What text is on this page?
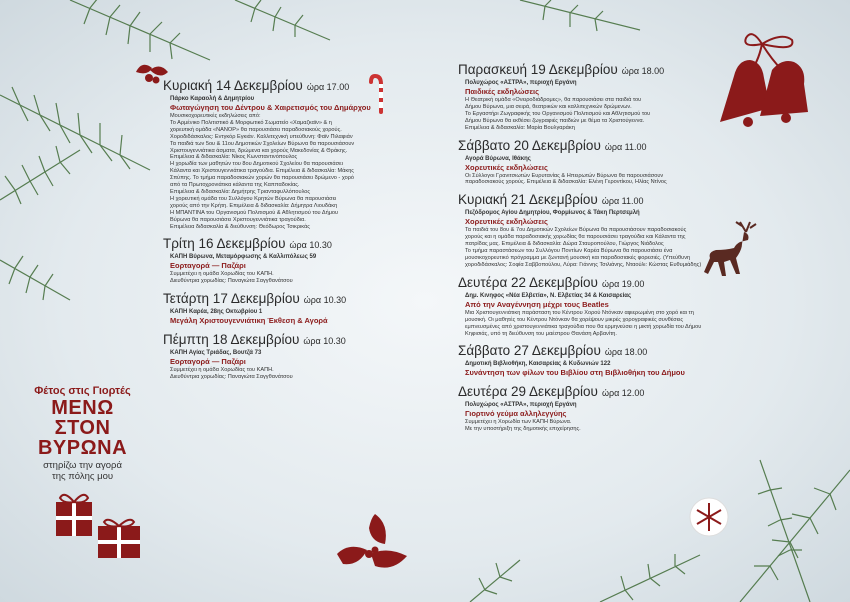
Φέτος στις Γιορτές
ΜΕΝΩ
ΣΤΟΝ ΒΥΡΩΝΑ
στηρίζω την αγορά
της πόλης μου
Κυριακή 14 Δεκεμβρίου ώρα 17.00
Πάρκο Καραολή & Δημητρίου
Φωταγώγηση του Δέντρου & Χαιρετισμός του Δημάρχου
Μουσικοχορευτικές εκδηλώσεις από:
Το Αρμένικο Πολιτιστικό & Μορφωτικό Σωματείο «Χαμαζκαϊν» & η
χορευτική ομάδα «ΝΑΝΟΡ» θα παρουσιάσει παραδοσιακούς χορούς.
Χοροδιδάσκαλος: Εντγκόρ Εγκιάν. Καλλιτεχνική υπεύθυνη: Φαϊν Πιλαφιάν
Τα παιδιά των 5ου & 11ου Δημοτικών Σχολείων Βύρωνα θα παρουσιάσουν
Χριστουγεννιάτικα άσματα, δρώμενα και χορούς Μακεδονίας & Θράκης.
Επιμέλεια & διδασκαλία: Νίκος Κωνσταντινόπουλος
Η χορωδία των μαθητών του 8ου Δημοτικού Σχολείου θα παρουσιάσει
Κάλαντα και Χριστουγεννιάτικα τραγούδια. Επιμέλεια & διδασκαλία: Μάκης
Σπύπης. Το τμήμα παραδοσιακών χορών θα παρουσιάσει δρώμενο - χορό
από τα Πρωτοχρονιάτικα κάλαντα της Καππαδοκίας.
Επιμέλεια & διδασκαλία: Δημήτρης Τριανταφυλλόπουλος
Η χορευτική ομάδα του Συλλόγου Κρητών Βύρωνα θα παρουσιάσει
χορούς από την Κρήτη. Επιμέλεια & διδασκαλία: Δήμητρα Λιουδάκη
Η ΜΠΑΝΤΙΝΑ του Οργανισμού Πολιτισμού & Αθλητισμού του Δήμου
Βύρωνα θα παρουσιάσει Χριστουγεννιάτικα τραγούδια.
Επιμέλεια διδασκαλία & διεύθυνση: Θεόδωρος Τσικρικάς
Τρίτη 16 Δεκεμβρίου ώρα 10.30
ΚΑΠΗ Βύρωνα, Μεταμόρφωσης & Καλλιπόλεως 59
Εορταγορά — Παζάρι
Συμμετέχει η ομάδα Χορωδίας του ΚΑΠΗ.
Διευθύντρια χορωδίας: Παναγιώτα Σαγγθανάτσου
Τετάρτη 17 Δεκεμβρίου ώρα 10.30
ΚΑΠΗ Καρέα, 28ης Οκτωβρίου 1
Μεγάλη Χριστουγεννιάτικη Έκθεση & Αγορά
Πέμπτη 18 Δεκεμβρίου ώρα 10.30
ΚΑΠΗ Αγίας Τριάδας, Βουτζά 73
Εορταγορά — Παζάρι
Συμμετέχει η ομάδα Χορωδίας του ΚΑΠΗ.
Διευθύντρια χορωδίας: Παναγιώτα Σαγγθανάτσου
Παρασκευή 19 Δεκεμβρίου ώρα 18.00
Πολυχώρος «ΑΣΤΡΑ», περιοχή Εργάνη
Παιδικές εκδηλώσεις
Η Θεατρική ομάδα «Ονειροδιάδρομες», θα παρουσιάσει στα παιδιά του
Δήμου Βύρωνα, μια σειρά, θεατρικών και καλλιτεχνικών δρώμενων.
Το Εργαστήρι Ζωγραφικής του Οργανισμού Πολιτισμού και Αθλητισμού του
Δήμου Βύρωνα θα εκθέσει ζωγραφιές παιδιών με θέμα τα Χριστούγεννα.
Επιμέλεια & διδασκαλία: Μαρία Βουλγαράκη
Σάββατο 20 Δεκεμβρίου ώρα 11.00
Αγορά Βύρωνα, Ιθάκης
Χορευτικές εκδηλώσεις
Οι Σύλλογοι Γρανιτσιωτών Ευρυτανίας & Ηπειρωτών Βύρωνα θα παρουσιάσουν
παραδοσιακούς χορούς. Επιμέλεια & διδασκαλία: Ελένη Γεροντίκου, Ηλίας Ντίνος
Κυριακή 21 Δεκεμβρίου ώρα 11.00
Πεζόδρομος Αγίου Δημητρίου, Φορμίωνος & Τάκη Περτσεμλή
Χορευτικές εκδηλώσεις
Τα παιδιά του 8ου & 7ου Δημοτικών Σχολείων Βύρωνα θα παρουσιάσουν παραδοσιακούς
χορούς και η ομάδα παραδοσιακής χορωδίας θα παρουσιάσει τραγούδια και Κάλαντα της
πατρίδας μας. Επιμέλεια & διδασκαλία: Δώρα Σταυροπούλου, Γιώργος Νιάδολος
Το τμήμα παραστάσεων του Συλλόγου Ποντίων Καρέα Βύρωνα θα παρουσιάσει ένα
μουσικοχορευτικό πρόγραμμα με ζωντανή μουσική και παραδοσιακές φορεσιές. (Υπεύθυνη
χοροδιδάσκαλος: Σοφία Σαββοπούλου, Λύρα: Γιάννης Τσιλιάνης, Νταούλι: Κώστας Ευθυμιάδης)
Δευτέρα 22 Δεκεμβρίου ώρα 19.00
Δημ. Κινηφος «Νέα Ελβετία», Ν. Ελβετίας 34 & Καισαρείας
Από την Αναγέννηση μέχρι τους Beatles
Μια Χριστουγεννιάτικη παράσταση του Κέντρου Χορού Ντόνκαν αφιερωμένη στο χορό και τη
μουσική. Οι μαθητές του Κέντρου Ντόνκαν θα χορέψουν μικρές χορογραφικές συνθέσεις
εμπνευσμένες από χριστουγεννιάτικα τραγούδια που θα ερμηνεύσει η μικτή χορωδία του Δήμου
Κηφισιάς, υπό τη διεύθυνση του μαέστρου Θανάση Αρβανίτη.
Σάββατο 27 Δεκεμβρίου ώρα 18.00
Δημοτική Βιβλιοθήκη, Καισαρείας & Κυδωνιών 122
Συνάντηση των φίλων του Βιβλίου στη Βιβλιοθήκη του Δήμου
Δευτέρα 29 Δεκεμβρίου ώρα 12.00
Πολυχώρος «ΑΣΤΡΑ», περιοχή Εργάνη
Γιορτινό γεύμα αλληλεγγύης
Συμμετέχει η Χορωδία των ΚΑΠΗ Βύρωνα.
Με την υποστήριξη της δημοτικής επιχείρησης.
